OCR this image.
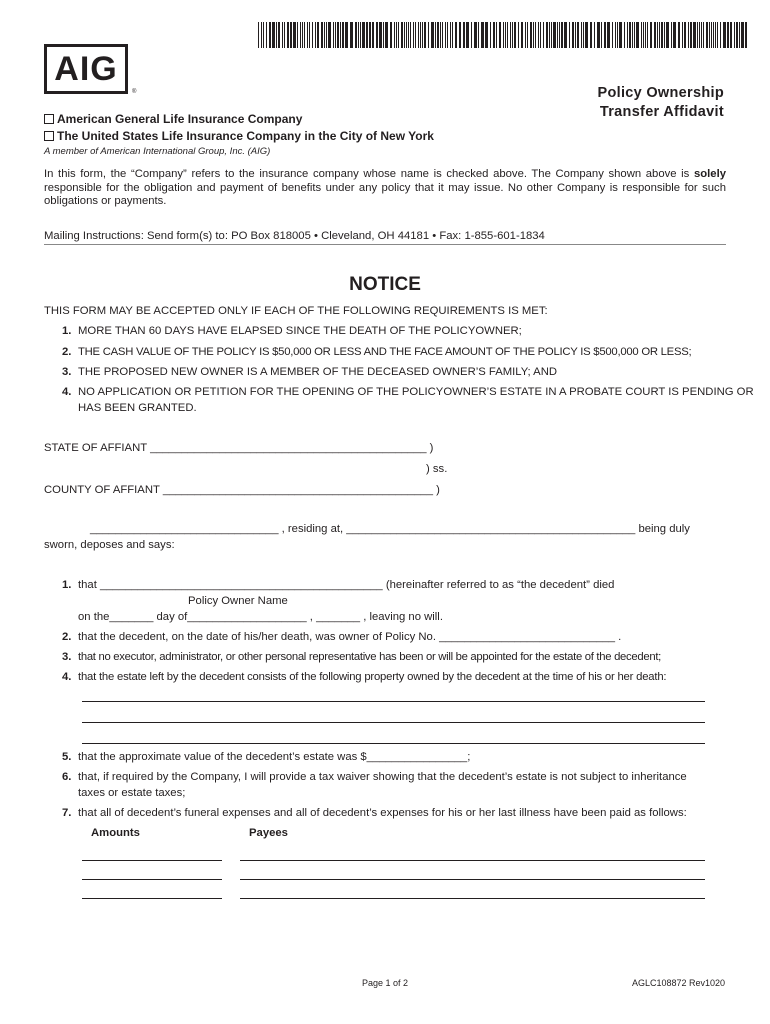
AIG
®	Policy Ownership
Transfer Affidavit
American General Life Insurance Company
The United States Life Insurance Company in the City of New York
A member of American International Group, Inc. (AIG)
In this form, the “Company” refers to the insurance company whose name is checked above. The Company shown above is solely responsible for the obligation and payment of benefits under any policy that it may issue. No other Company is responsible for such obligations or payments.
Mailing Instructions: Send form(s) to: PO Box 818005 • Cleveland, OH 44181 • Fax: 1-855-601-1834
NOTICE
THIS FORM MAY BE ACCEPTED ONLY IF EACH OF THE FOLLOWING REQUIREMENTS IS MET:
1. MORE THAN 60 DAYS HAVE ELAPSED SINCE THE DEATH OF THE POLICYOWNER;
2. THE CASH VALUE OF THE POLICY IS $50,000 OR LESS AND THE FACE AMOUNT OF THE POLICY IS $500,000 OR LESS;
3. THE PROPOSED NEW OWNER IS A MEMBER OF THE DECEASED OWNER’S FAMILY; AND
4. NO APPLICATION OR PETITION FOR THE OPENING OF THE POLICYOWNER’S ESTATE IN A PROBATE COURT IS PENDING OR
HAS BEEN GRANTED.
STATE OF AFFIANT ____________________________________________ )
) ss.
COUNTY OF AFFIANT ___________________________________________ )
______________________________ , residing at, ______________________________________________ being duly
sworn, deposes and says:
1. that _____________________________________________ (hereinafter referred to as “the decedent” died
Policy Owner Name
on the_______ day of___________________ , _______ , leaving no will.
2. that the decedent, on the date of his/her death, was owner of Policy No. ____________________________ .
3. that no executor, administrator, or other personal representative has been or will be appointed for the estate of the decedent;
4. that the estate left by the decedent consists of the following property owned by the decedent at the time of his or her death:
5. that the approximate value of the decedent’s estate was $________________;
6. that, if required by the Company, I will provide a tax waiver showing that the decedent’s estate is not subject to inheritance
taxes or estate taxes;
7. that all of decedent’s funeral expenses and all of decedent’s expenses for his or her last illness have been paid as follows:
Amounts	Payees
Page 1 of 2	AGLC108872 Rev1020
